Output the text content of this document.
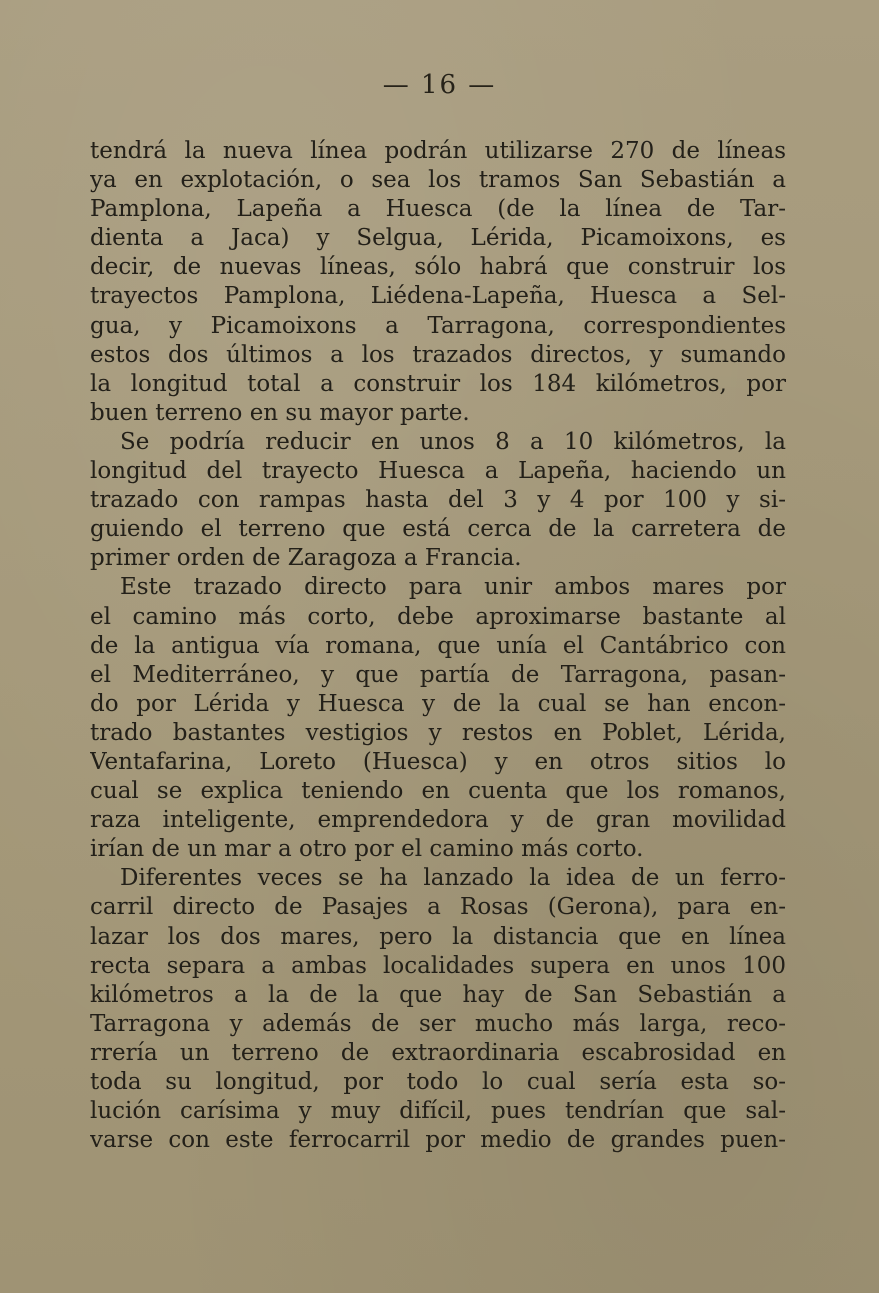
— 16 —
tendrá la nueva línea podrán utilizarse 270 de líneas
ya en explotación, o sea los tramos San Sebastián a
Pamplona, Lapeña a Huesca (de la línea de Tar-
dienta a Jaca) y Selgua, Lérida, Picamoixons, es
decir, de nuevas líneas, sólo habrá que construir los
trayectos Pamplona, Liédena-Lapeña, Huesca a Sel-
gua, y Picamoixons a Tarragona, correspondientes
estos dos últimos a los trazados directos, y sumando
la longitud total a construir los 184 kilómetros, por
buen terreno en su mayor parte.
Se podría reducir en unos 8 a 10 kilómetros, la
longitud del trayecto Huesca a Lapeña, haciendo un
trazado con rampas hasta del 3 y 4 por 100 y si-
guiendo el terreno que está cerca de la carretera de
primer orden de Zaragoza a Francia.
Este trazado directo para unir ambos mares por
el camino más corto, debe aproximarse bastante al
de la antigua vía romana, que unía el Cantábrico con
el Mediterráneo, y que partía de Tarragona, pasan-
do por Lérida y Huesca y de la cual se han encon-
trado bastantes vestigios y restos en Poblet, Lérida,
Ventafarina, Loreto (Huesca) y en otros sitios lo
cual se explica teniendo en cuenta que los romanos,
raza inteligente, emprendedora y de gran movilidad
irían de un mar a otro por el camino más corto.
Diferentes veces se ha lanzado la idea de un ferro-
carril directo de Pasajes a Rosas (Gerona), para en-
lazar los dos mares, pero la distancia que en línea
recta separa a ambas localidades supera en unos 100
kilómetros a la de la que hay de San Sebastián a
Tarragona y además de ser mucho más larga, reco-
rrería un terreno de extraordinaria escabrosidad en
toda su longitud, por todo lo cual sería esta so-
lución carísima y muy difícil, pues tendrían que sal-
varse con este ferrocarril por medio de grandes puen-
